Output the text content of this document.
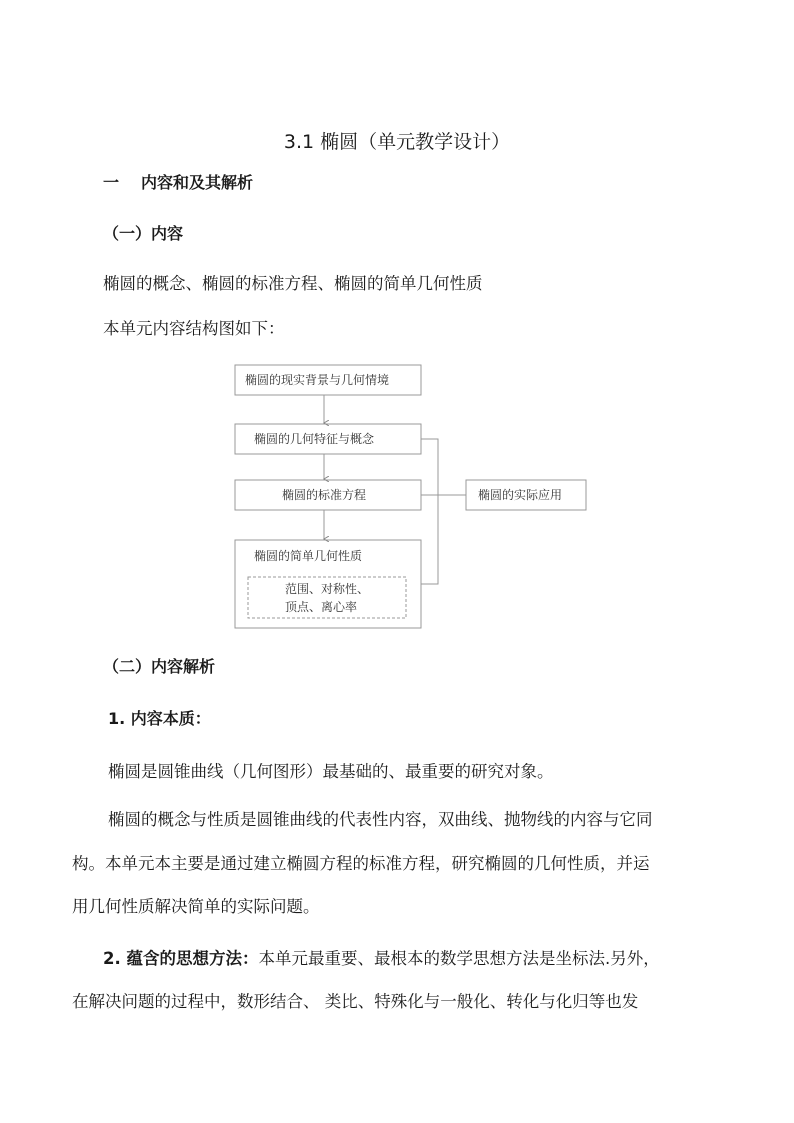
3.1 椭圆（单元教学设计）
一 内容和及其解析
（一）内容
椭圆的概念、椭圆的标准方程、椭圆的简单几何性质
本单元内容结构图如下：
椭圆的现实背景与几何情境
椭圆的几何特征与概念
椭圆的标准方程
椭圆的简单几何性质
范围、对称性、
顶点、离心率
椭圆的实际应用
（二）内容解析
1. 内容本质：
椭圆是圆锥曲线（几何图形）最基础的、最重要的研究对象。
椭圆的概念与性质是圆锥曲线的代表性内容，双曲线、抛物线的内容与它同
构。本单元本主要是通过建立椭圆方程的标准方程，研究椭圆的几何性质，并运
用几何性质解决简单的实际问题。
2. 蕴含的思想方法：本单元最重要、最根本的数学思想方法是坐标法.另外，
在解决问题的过程中，数形结合、 类比、特殊化与一般化、转化与化归等也发
